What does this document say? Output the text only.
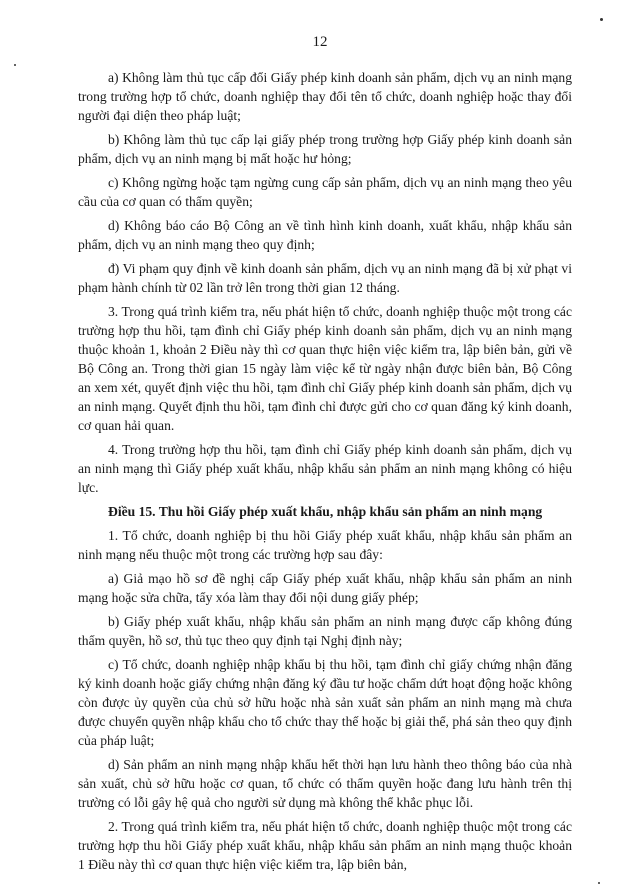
12

a) Không làm thủ tục cấp đổi Giấy phép kinh doanh sản phẩm, dịch vụ an ninh mạng trong trường hợp tổ chức, doanh nghiệp thay đổi tên tổ chức, doanh nghiệp hoặc thay đổi người đại diện theo pháp luật;

b) Không làm thủ tục cấp lại giấy phép trong trường hợp Giấy phép kinh doanh sản phẩm, dịch vụ an ninh mạng bị mất hoặc hư hỏng;

c) Không ngừng hoặc tạm ngừng cung cấp sản phẩm, dịch vụ an ninh mạng theo yêu cầu của cơ quan có thẩm quyền;

d) Không báo cáo Bộ Công an về tình hình kinh doanh, xuất khẩu, nhập khẩu sản phẩm, dịch vụ an ninh mạng theo quy định;

đ) Vi phạm quy định về kinh doanh sản phẩm, dịch vụ an ninh mạng đã bị xử phạt vi phạm hành chính từ 02 lần trở lên trong thời gian 12 tháng.

3. Trong quá trình kiểm tra, nếu phát hiện tổ chức, doanh nghiệp thuộc một trong các trường hợp thu hồi, tạm đình chỉ Giấy phép kinh doanh sản phẩm, dịch vụ an ninh mạng thuộc khoản 1, khoản 2 Điều này thì cơ quan thực hiện việc kiểm tra, lập biên bản, gửi về Bộ Công an. Trong thời gian 15 ngày làm việc kể từ ngày nhận được biên bản, Bộ Công an xem xét, quyết định việc thu hồi, tạm đình chỉ Giấy phép kinh doanh sản phẩm, dịch vụ an ninh mạng. Quyết định thu hồi, tạm đình chỉ được gửi cho cơ quan đăng ký kinh doanh, cơ quan hải quan.

4. Trong trường hợp thu hồi, tạm đình chỉ Giấy phép kinh doanh sản phẩm, dịch vụ an ninh mạng thì Giấy phép xuất khẩu, nhập khẩu sản phẩm an ninh mạng không có hiệu lực.

Điều 15. Thu hồi Giấy phép xuất khẩu, nhập khẩu sản phẩm an ninh mạng

1. Tổ chức, doanh nghiệp bị thu hồi Giấy phép xuất khẩu, nhập khẩu sản phẩm an ninh mạng nếu thuộc một trong các trường hợp sau đây:

a) Giả mạo hồ sơ đề nghị cấp Giấy phép xuất khẩu, nhập khẩu sản phẩm an ninh mạng hoặc sửa chữa, tẩy xóa làm thay đổi nội dung giấy phép;

b) Giấy phép xuất khẩu, nhập khẩu sản phẩm an ninh mạng được cấp không đúng thẩm quyền, hồ sơ, thủ tục theo quy định tại Nghị định này;

c) Tổ chức, doanh nghiệp nhập khẩu bị thu hồi, tạm đình chỉ giấy chứng nhận đăng ký kinh doanh hoặc giấy chứng nhận đăng ký đầu tư hoặc chấm dứt hoạt động hoặc không còn được ủy quyền của chủ sở hữu hoặc nhà sản xuất sản phẩm an ninh mạng mà chưa được chuyển quyền nhập khẩu cho tổ chức thay thế hoặc bị giải thể, phá sản theo quy định của pháp luật;

d) Sản phẩm an ninh mạng nhập khẩu hết thời hạn lưu hành theo thông báo của nhà sản xuất, chủ sở hữu hoặc cơ quan, tổ chức có thẩm quyền hoặc đang lưu hành trên thị trường có lỗi gây hệ quả cho người sử dụng mà không thể khắc phục lỗi.

2. Trong quá trình kiểm tra, nếu phát hiện tổ chức, doanh nghiệp thuộc một trong các trường hợp thu hồi Giấy phép xuất khẩu, nhập khẩu sản phẩm an ninh mạng thuộc khoản 1 Điều này thì cơ quan thực hiện việc kiểm tra, lập biên bản,
